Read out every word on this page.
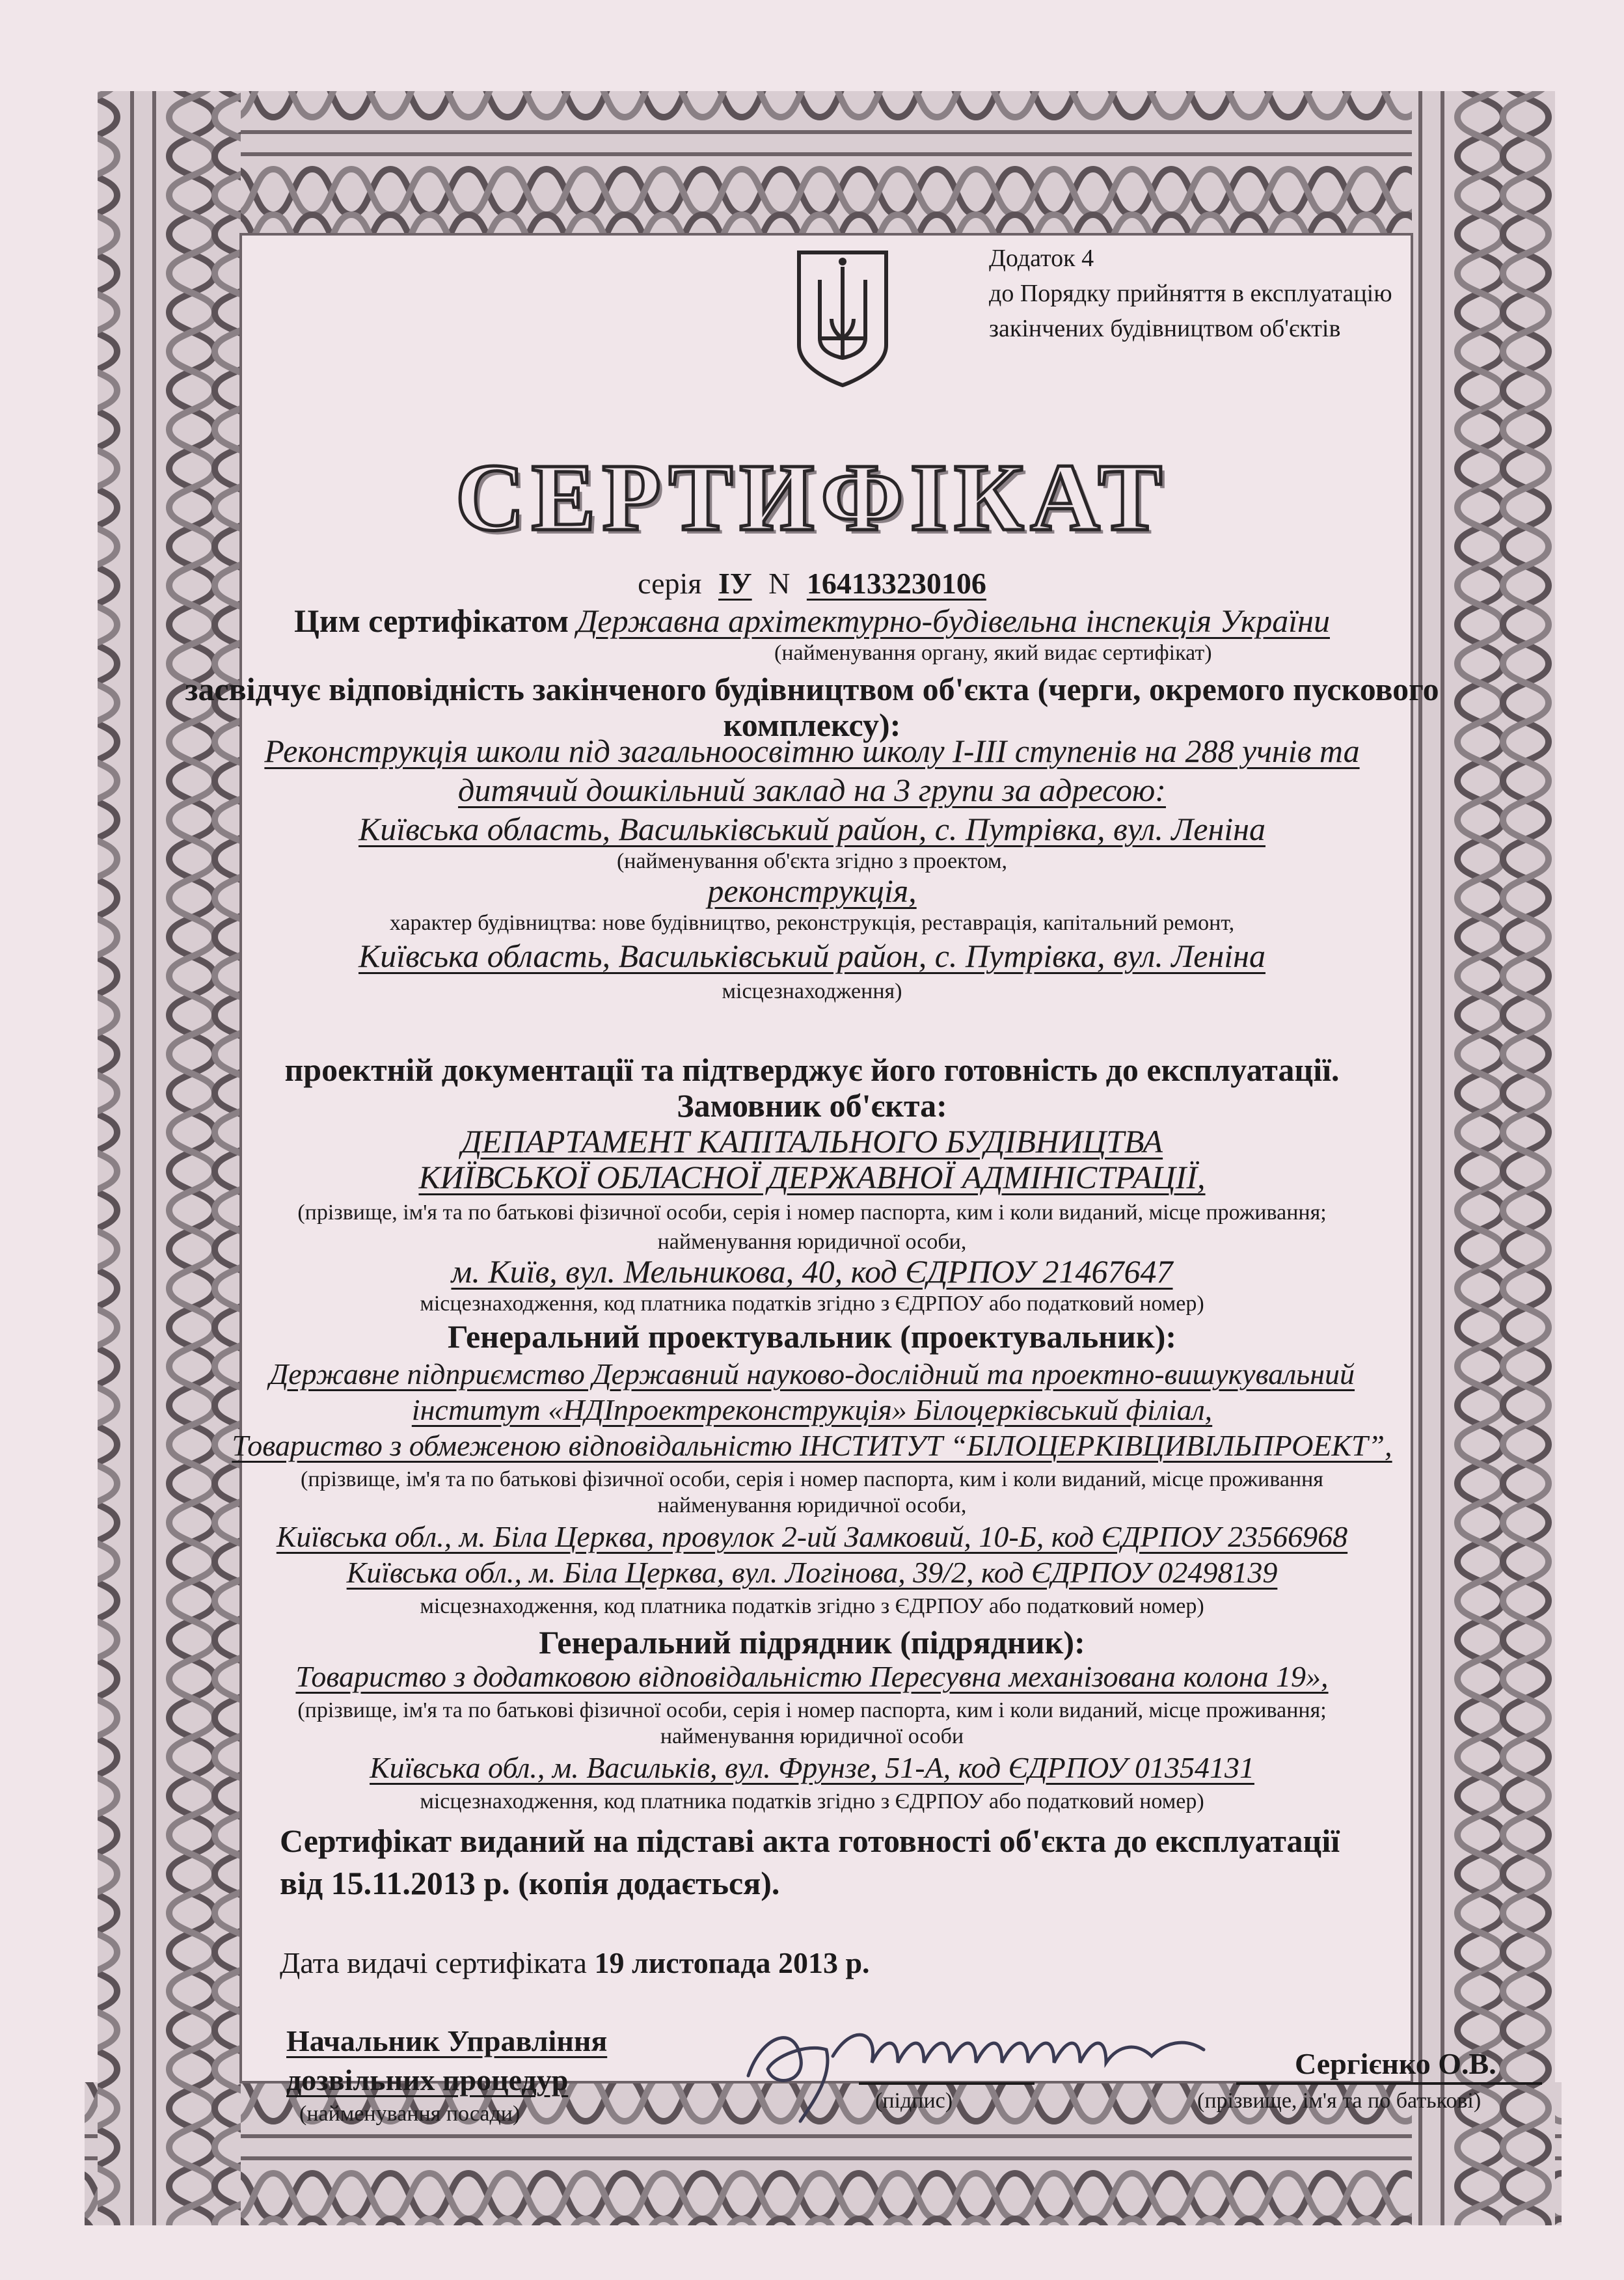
Додаток 4
до Порядку прийняття в експлуатацію
закінчених будівництвом об'єктів
СЕРТИФІКАТ
серія ІУ N 164133230106
Цим сертифікатом Державна архітектурно-будівельна інспекція України
(найменування органу, який видає сертифікат)
засвідчує відповідність закінченого будівництвом об'єкта (черги, окремого пускового
комплексу):
Реконструкція школи під загальноосвітню школу І-ІІІ ступенів на 288 учнів та
дитячий дошкільний заклад на 3 групи за адресою:
Київська область, Васильківський район, с. Путрівка, вул. Леніна
(найменування об'єкта згідно з проектом,
реконструкція,
характер будівництва: нове будівництво, реконструкція, реставрація, капітальний ремонт,
Київська область, Васильківський район, с. Путрівка, вул. Леніна
місцезнаходження)
проектній документації та підтверджує його готовність до експлуатації.
Замовник об'єкта:
ДЕПАРТАМЕНТ КАПІТАЛЬНОГО БУДІВНИЦТВА
КИЇВСЬКОЇ ОБЛАСНОЇ ДЕРЖАВНОЇ АДМІНІСТРАЦІЇ,
(прізвище, ім'я та по батькові фізичної особи, серія і номер паспорта, ким і коли виданий, місце проживання;
найменування юридичної особи,
м. Київ, вул. Мельникова, 40, код ЄДРПОУ 21467647
місцезнаходження, код платника податків згідно з ЄДРПОУ або податковий номер)
Генеральний проектувальник (проектувальник):
Державне підприємство Державний науково-дослідний та проектно-вишукувальний
інститут «НДІпроектреконструкція» Білоцерківський філіал,
Товариство з обмеженою відповідальністю ІНСТИТУТ “БІЛОЦЕРКІВЦИВІЛЬПРОЕКТ”,
(прізвище, ім'я та по батькові фізичної особи, серія і номер паспорта, ким і коли виданий, місце проживання
найменування юридичної особи,
Київська обл., м. Біла Церква, провулок 2-ий Замковий, 10-Б, код ЄДРПОУ 23566968
Київська обл., м. Біла Церква, вул. Логінова, 39/2, код ЄДРПОУ 02498139
місцезнаходження, код платника податків згідно з ЄДРПОУ або податковий номер)
Генеральний підрядник (підрядник):
Товариство з додатковою відповідальністю Пересувна механізована колона 19»,
(прізвище, ім'я та по батькові фізичної особи, серія і номер паспорта, ким і коли виданий, місце проживання;
найменування юридичної особи
Київська обл., м. Васильків, вул. Фрунзе, 51-А, код ЄДРПОУ 01354131
місцезнаходження, код платника податків згідно з ЄДРПОУ або податковий номер)
Сертифікат виданий на підставі акта готовності об'єкта до експлуатації
від 15.11.2013 р. (копія додається).
Дата видачі сертифіката 19 листопада 2013 р.
Начальник Управління
дозвільних процедур
(найменування посади)
(підпис)
Сергієнко О.В.
(прізвище, ім'я та по батькові)
